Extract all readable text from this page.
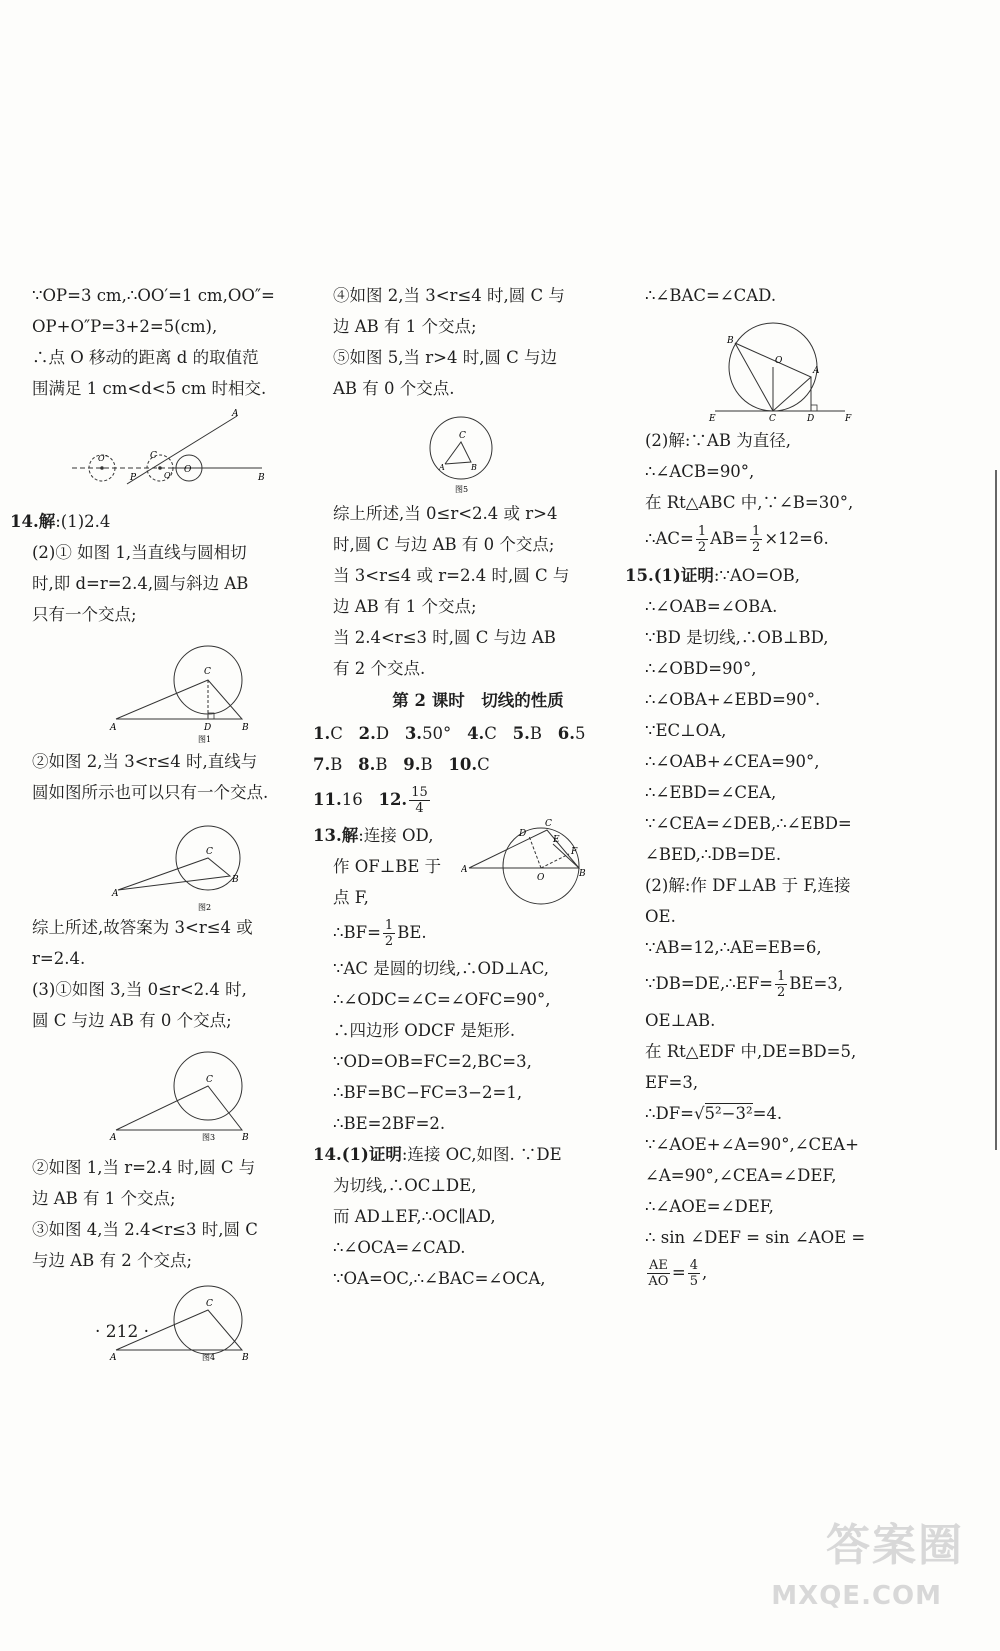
∵OP=3 cm,∴OO′=1 cm,OO″=

OP+O″P=3+2=5(cm),

∴点 O 移动的距离 d 的取值范

围满足 1 cm<d<5 cm 时相交.

A
B
C
P
O″
O′
O

14.解:(1)2.4

(2)① 如图 1,当直线与圆相切

时,即 d=r=2.4,圆与斜边 AB

只有一个交点;

A	B
C
D
图1

②如图 2,当 3<r≤4 时,直线与

圆如图所示也可以只有一个交点.

A
B
C
图2

综上所述,故答案为 3<r≤4 或

r=2.4.

(3)①如图 3,当 0≤r<2.4 时,

圆 C 与边 AB 有 0 个交点;

A	B
C
图3

②如图 1,当 r=2.4 时,圆 C 与

边 AB 有 1 个交点;

③如图 4,当 2.4<r≤3 时,圆 C

与边 AB 有 2 个交点;

A	B
C
图4

④如图 2,当 3<r≤4 时,圆 C 与

边 AB 有 1 个交点;

⑤如图 5,当 r>4 时,圆 C 与边

AB 有 0 个交点.

A	B
C
图5

综上所述,当 0≤r<2.4 或 r>4

时,圆 C 与边 AB 有 0 个交点;

当 3<r≤4 或 r=2.4 时,圆 C 与

边 AB 有 1 个交点;

当 2.4<r≤3 时,圆 C 与边 AB

有 2 个交点.

第 2 课时　切线的性质

1.C 2.D 3.50° 4.C 5.B 6.5

7.B 8.B 9.B 10.C

11.16 12. $\frac{15}{4}$

13.解:连接 OD,

作 OF⊥BE 于

点 F,

A	B
C
D
E
F
O

∴BF= $\frac{1}{2}$ BE.

∵AC 是圆的切线,∴OD⊥AC,

∴∠ODC=∠C=∠OFC=90°,

∴四边形 ODCF 是矩形.

∵OD=OB=FC=2,BC=3,

∴BF=BC−FC=3−2=1,

∴BE=2BF=2.

14.(1)证明:连接 OC,如图. ∵DE

为切线,∴OC⊥DE,

而 AD⊥EF,∴OC∥AD,

∴∠OCA=∠CAD.

∵OA=OC,∴∠BAC=∠OCA,

∴∠BAC=∠CAD.

B
A
C	D
E	F
O

(2)解:∵AB 为直径,

∴∠ACB=90°,

在 Rt△ABC 中,∵∠B=30°,

∴AC= $\frac{1}{2} AB= \frac{1}{2} \times 12=6$.

15.(1)证明:∵AO=OB,

∴∠OAB=∠OBA.

∵BD 是切线,∴OB⊥BD,

∴∠OBD=90°,

∴∠OBA+∠EBD=90°.

∵EC⊥OA,

∴∠OAB+∠CEA=90°,

∴∠EBD=∠CEA,

∵∠CEA=∠DEB,∴∠EBD=

∠BED,∴DB=DE.

(2)解:作 DF⊥AB 于 F,连接

OE.

∵AB=12,∴AE=EB=6,

∵DB=DE,∴EF= $\frac{1}{2} BE=3$,

OE⊥AB.

在 Rt△EDF 中,DE=BD=5,

EF=3,

∴DF=√5²−3²=4.

∵∠AOE+∠A=90°,∠CEA+

∠A=90°,∠CEA=∠DEF,

∴∠AOE=∠DEF,

∴ sin ∠DEF = sin ∠AOE =

$\frac{AE}{AO} = \frac{4}{5}$ ,

· 212 ·
答案圈
MXQE.COM
